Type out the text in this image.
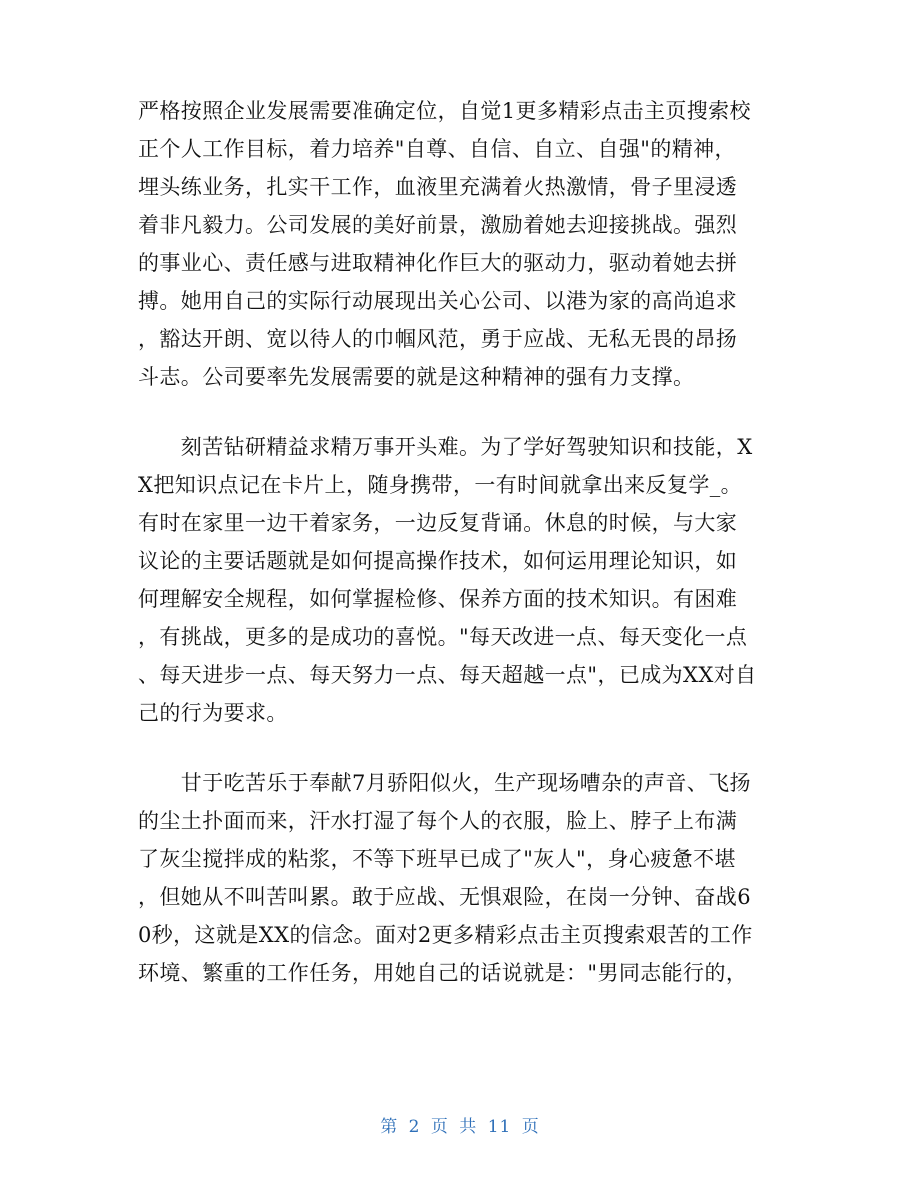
严格按照企业发展需要准确定位，自觉1更多精彩点击主页搜索校
正个人工作目标，着力培养"自尊、自信、自立、自强"的精神，
埋头练业务，扎实干工作，血液里充满着火热激情，骨子里浸透
着非凡毅力。公司发展的美好前景，激励着她去迎接挑战。强烈
的事业心、责任感与进取精神化作巨大的驱动力，驱动着她去拼
搏。她用自己的实际行动展现出关心公司、以港为家的高尚追求
，豁达开朗、宽以待人的巾帼风范，勇于应战、无私无畏的昂扬
斗志。公司要率先发展需要的就是这种精神的强有力支撑。
　　刻苦钻研精益求精万事开头难。为了学好驾驶知识和技能，X
X把知识点记在卡片上，随身携带，一有时间就拿出来反复学_。
有时在家里一边干着家务，一边反复背诵。休息的时候，与大家
议论的主要话题就是如何提高操作技术，如何运用理论知识，如
何理解安全规程，如何掌握检修、保养方面的技术知识。有困难
，有挑战，更多的是成功的喜悦。"每天改进一点、每天变化一点
、每天进步一点、每天努力一点、每天超越一点"，已成为XX对自
己的行为要求。
　　甘于吃苦乐于奉献7月骄阳似火，生产现场嘈杂的声音、飞扬
的尘土扑面而来，汗水打湿了每个人的衣服，脸上、脖子上布满
了灰尘搅拌成的粘浆，不等下班早已成了"灰人"，身心疲惫不堪
，但她从不叫苦叫累。敢于应战、无惧艰险，在岗一分钟、奋战6
0秒，这就是XX的信念。面对2更多精彩点击主页搜索艰苦的工作
环境、繁重的工作任务，用她自己的话说就是："男同志能行的，
第 2 页 共 11 页
